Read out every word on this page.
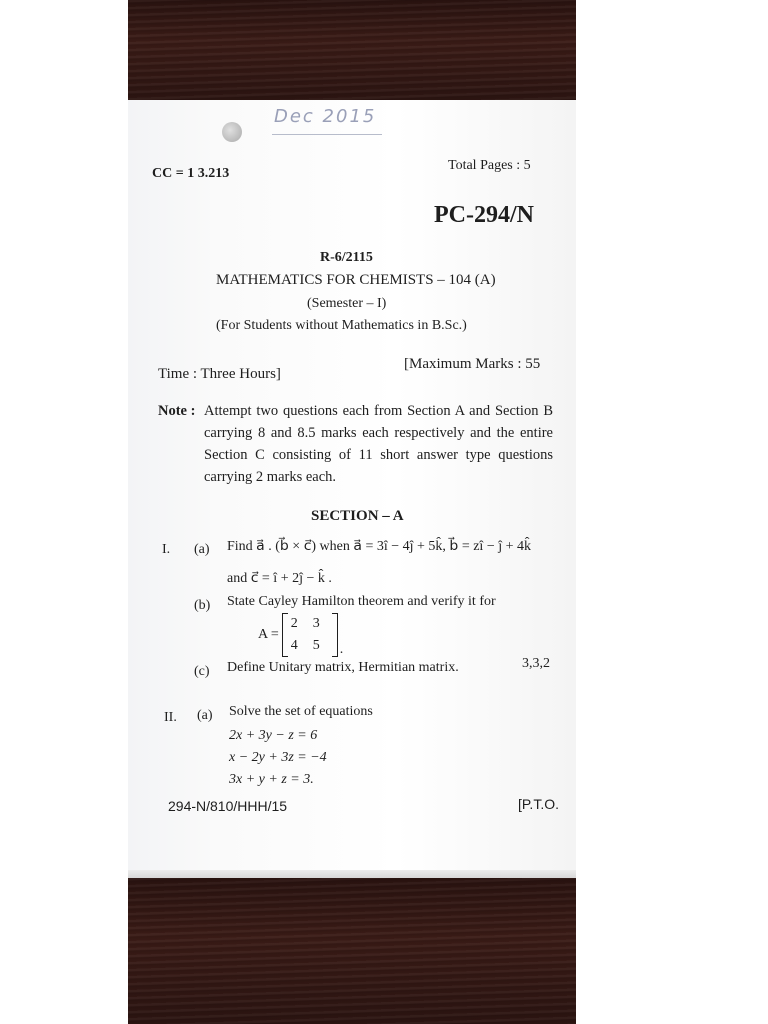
Dec 2015
CC = 1 3.213
Total Pages : 5
PC-294/N
R-6/2115
MATHEMATICS FOR CHEMISTS – 104 (A)
(Semester – I)
(For Students without Mathematics in B.Sc.)
Time : Three Hours]
[Maximum Marks : 55
Note : Attempt two questions each from Section A and Section B carrying 8 and 8.5 marks each respectively and the entire Section C consisting of 11 short answer type questions carrying 2 marks each.
SECTION – A
I. (a) Find a⃗ . (b⃗ × c⃗) when a⃗ = 3î − 4ĵ + 5k̂, b⃗ = zî − ĵ + 4k̂
and c⃗ = î + 2ĵ − k̂ .
(b) State Cayley Hamilton theorem and verify it for
A =
2	3
4	5	.
(c) Define Unitary matrix, Hermitian matrix.	3,3,2
II. (a) Solve the set of equations
2x + 3y − z = 6
x − 2y + 3z = −4
3x + y + z = 3.
294-N/810/HHH/15	[P.T.O.
